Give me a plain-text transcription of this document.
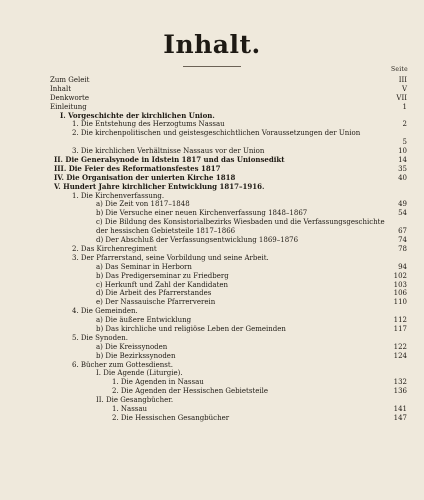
Inhalt.
Seite
Zum Geleit	III
Inhalt	V
Denkworte	VII
Einleitung	1
I. Vorgeschichte der kirchlichen Union.
1. Die Entstehung des Herzogtums Nassau	2
2. Die kirchenpolitischen und geistesgeschichtlichen Voraussetzungen der Union
5
3. Die kirchlichen Verhältnisse Nassaus vor der Union	10
II. Die Generalsynode in Idstein 1817 und das Unionsedikt	14
III. Die Feier des Reformationsfestes 1817	35
IV. Die Organisation der unierten Kirche 1818	40
V. Hundert Jahre kirchlicher Entwicklung 1817–1916.
1. Die Kirchenverfassung.
a) Die Zeit von 1817–1848	49
b) Die Versuche einer neuen Kirchenverfassung 1848–1867	54
c) Die Bildung des Konsistorialbezirks Wiesbaden und die Verfassungsgeschichte der hessischen Gebietsteile 1817–1866	67
d) Der Abschluß der Verfassungsentwicklung 1869–1876	74
2. Das Kirchenregiment	78
3. Der Pfarrerstand, seine Vorbildung und seine Arbeit.
a) Das Seminar in Herborn	94
b) Das Predigerseminar zu Friedberg	102
c) Herkunft und Zahl der Kandidaten	103
d) Die Arbeit des Pfarrerstandes	106
e) Der Nassauische Pfarrerverein	110
4. Die Gemeinden.
a) Die äußere Entwicklung	112
b) Das kirchliche und religiöse Leben der Gemeinden	117
5. Die Synoden.
a) Die Kreissynoden	122
b) Die Bezirkssynoden	124
6. Bücher zum Gottesdienst.
I. Die Agende (Liturgie).
1. Die Agenden in Nassau	132
2. Die Agenden der Hessischen Gebietsteile	136
II. Die Gesangbücher.
1. Nassau	141
2. Die Hessischen Gesangbücher	147
